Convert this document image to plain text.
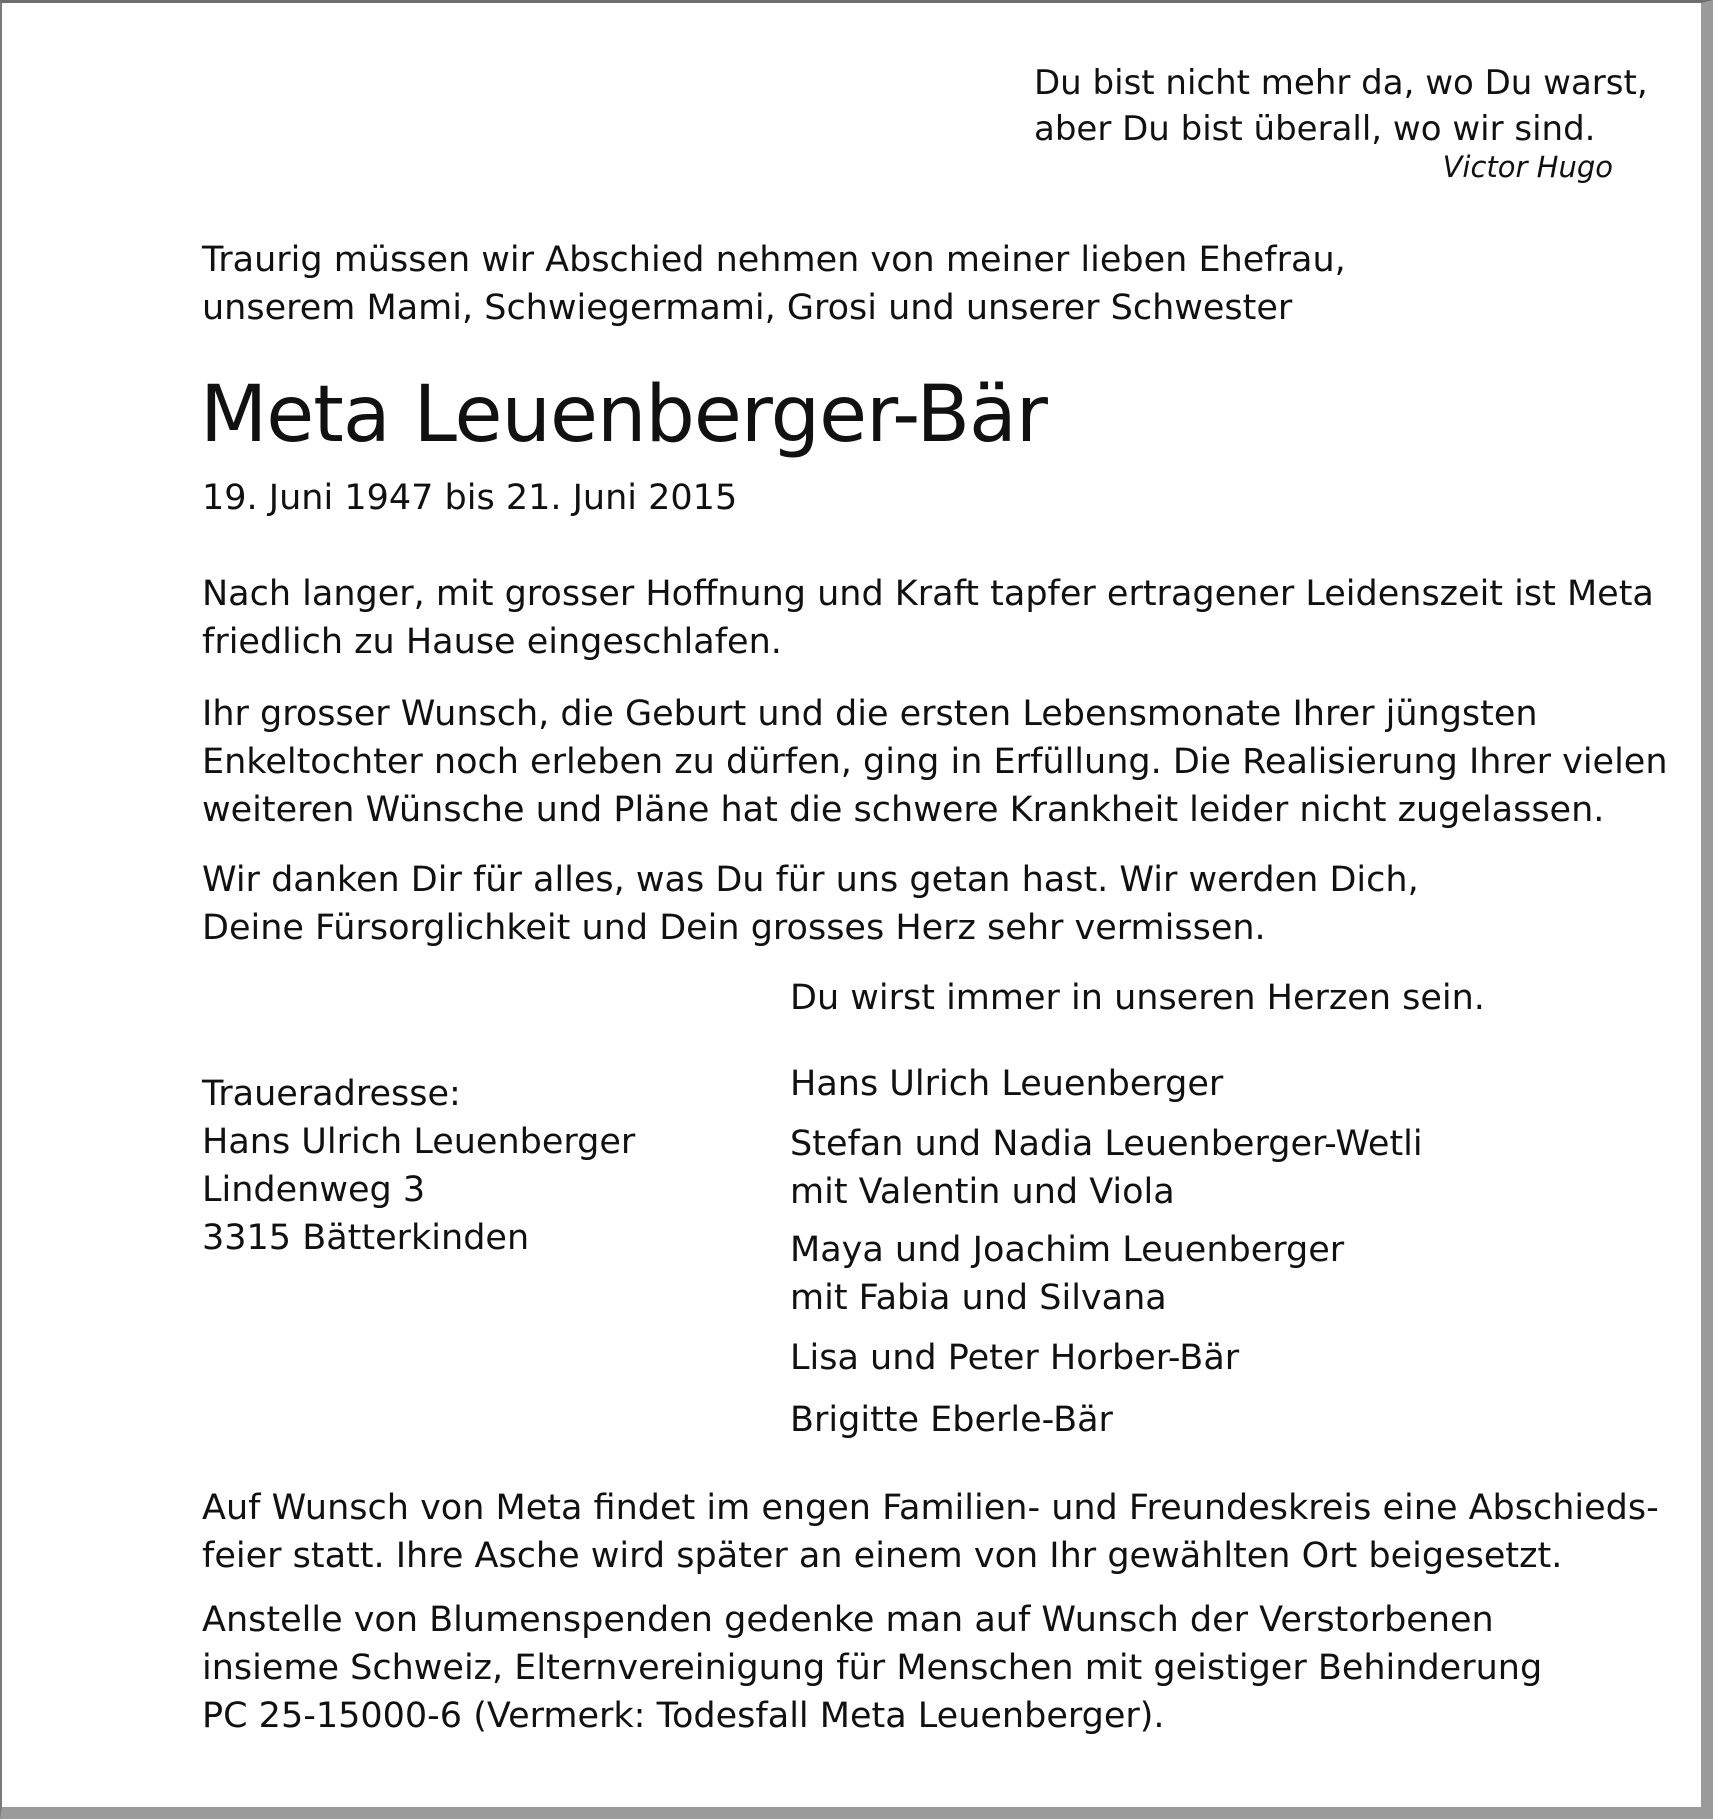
Du bist nicht mehr da, wo Du warst,
aber Du bist überall, wo wir sind.
Victor Hugo
Traurig müssen wir Abschied nehmen von meiner lieben Ehefrau,
unserem Mami, Schwiegermami, Grosi und unserer Schwester
Meta Leuenberger-Bär
19. Juni 1947 bis 21. Juni 2015
Nach langer, mit grosser Hoffnung und Kraft tapfer ertragener Leidenszeit ist Meta
friedlich zu Hause eingeschlafen.
Ihr grosser Wunsch, die Geburt und die ersten Lebensmonate Ihrer jüngsten
Enkeltochter noch erleben zu dürfen, ging in Erfüllung. Die Realisierung Ihrer vielen
weiteren Wünsche und Pläne hat die schwere Krankheit leider nicht zugelassen.
Wir danken Dir für alles, was Du für uns getan hast. Wir werden Dich,
Deine Fürsorglichkeit und Dein grosses Herz sehr vermissen.
Du wirst immer in unseren Herzen sein.
Traueradresse:
Hans Ulrich Leuenberger
Lindenweg 3
3315 Bätterkinden
Hans Ulrich Leuenberger
Stefan und Nadia Leuenberger-Wetli
mit Valentin und Viola
Maya und Joachim Leuenberger
mit Fabia und Silvana
Lisa und Peter Horber-Bär
Brigitte Eberle-Bär
Auf Wunsch von Meta findet im engen Familien- und Freundeskreis eine Abschieds-
feier statt. Ihre Asche wird später an einem von Ihr gewählten Ort beigesetzt.
Anstelle von Blumenspenden gedenke man auf Wunsch der Verstorbenen
insieme Schweiz, Elternvereinigung für Menschen mit geistiger Behinderung
PC 25-15000-6 (Vermerk: Todesfall Meta Leuenberger).
